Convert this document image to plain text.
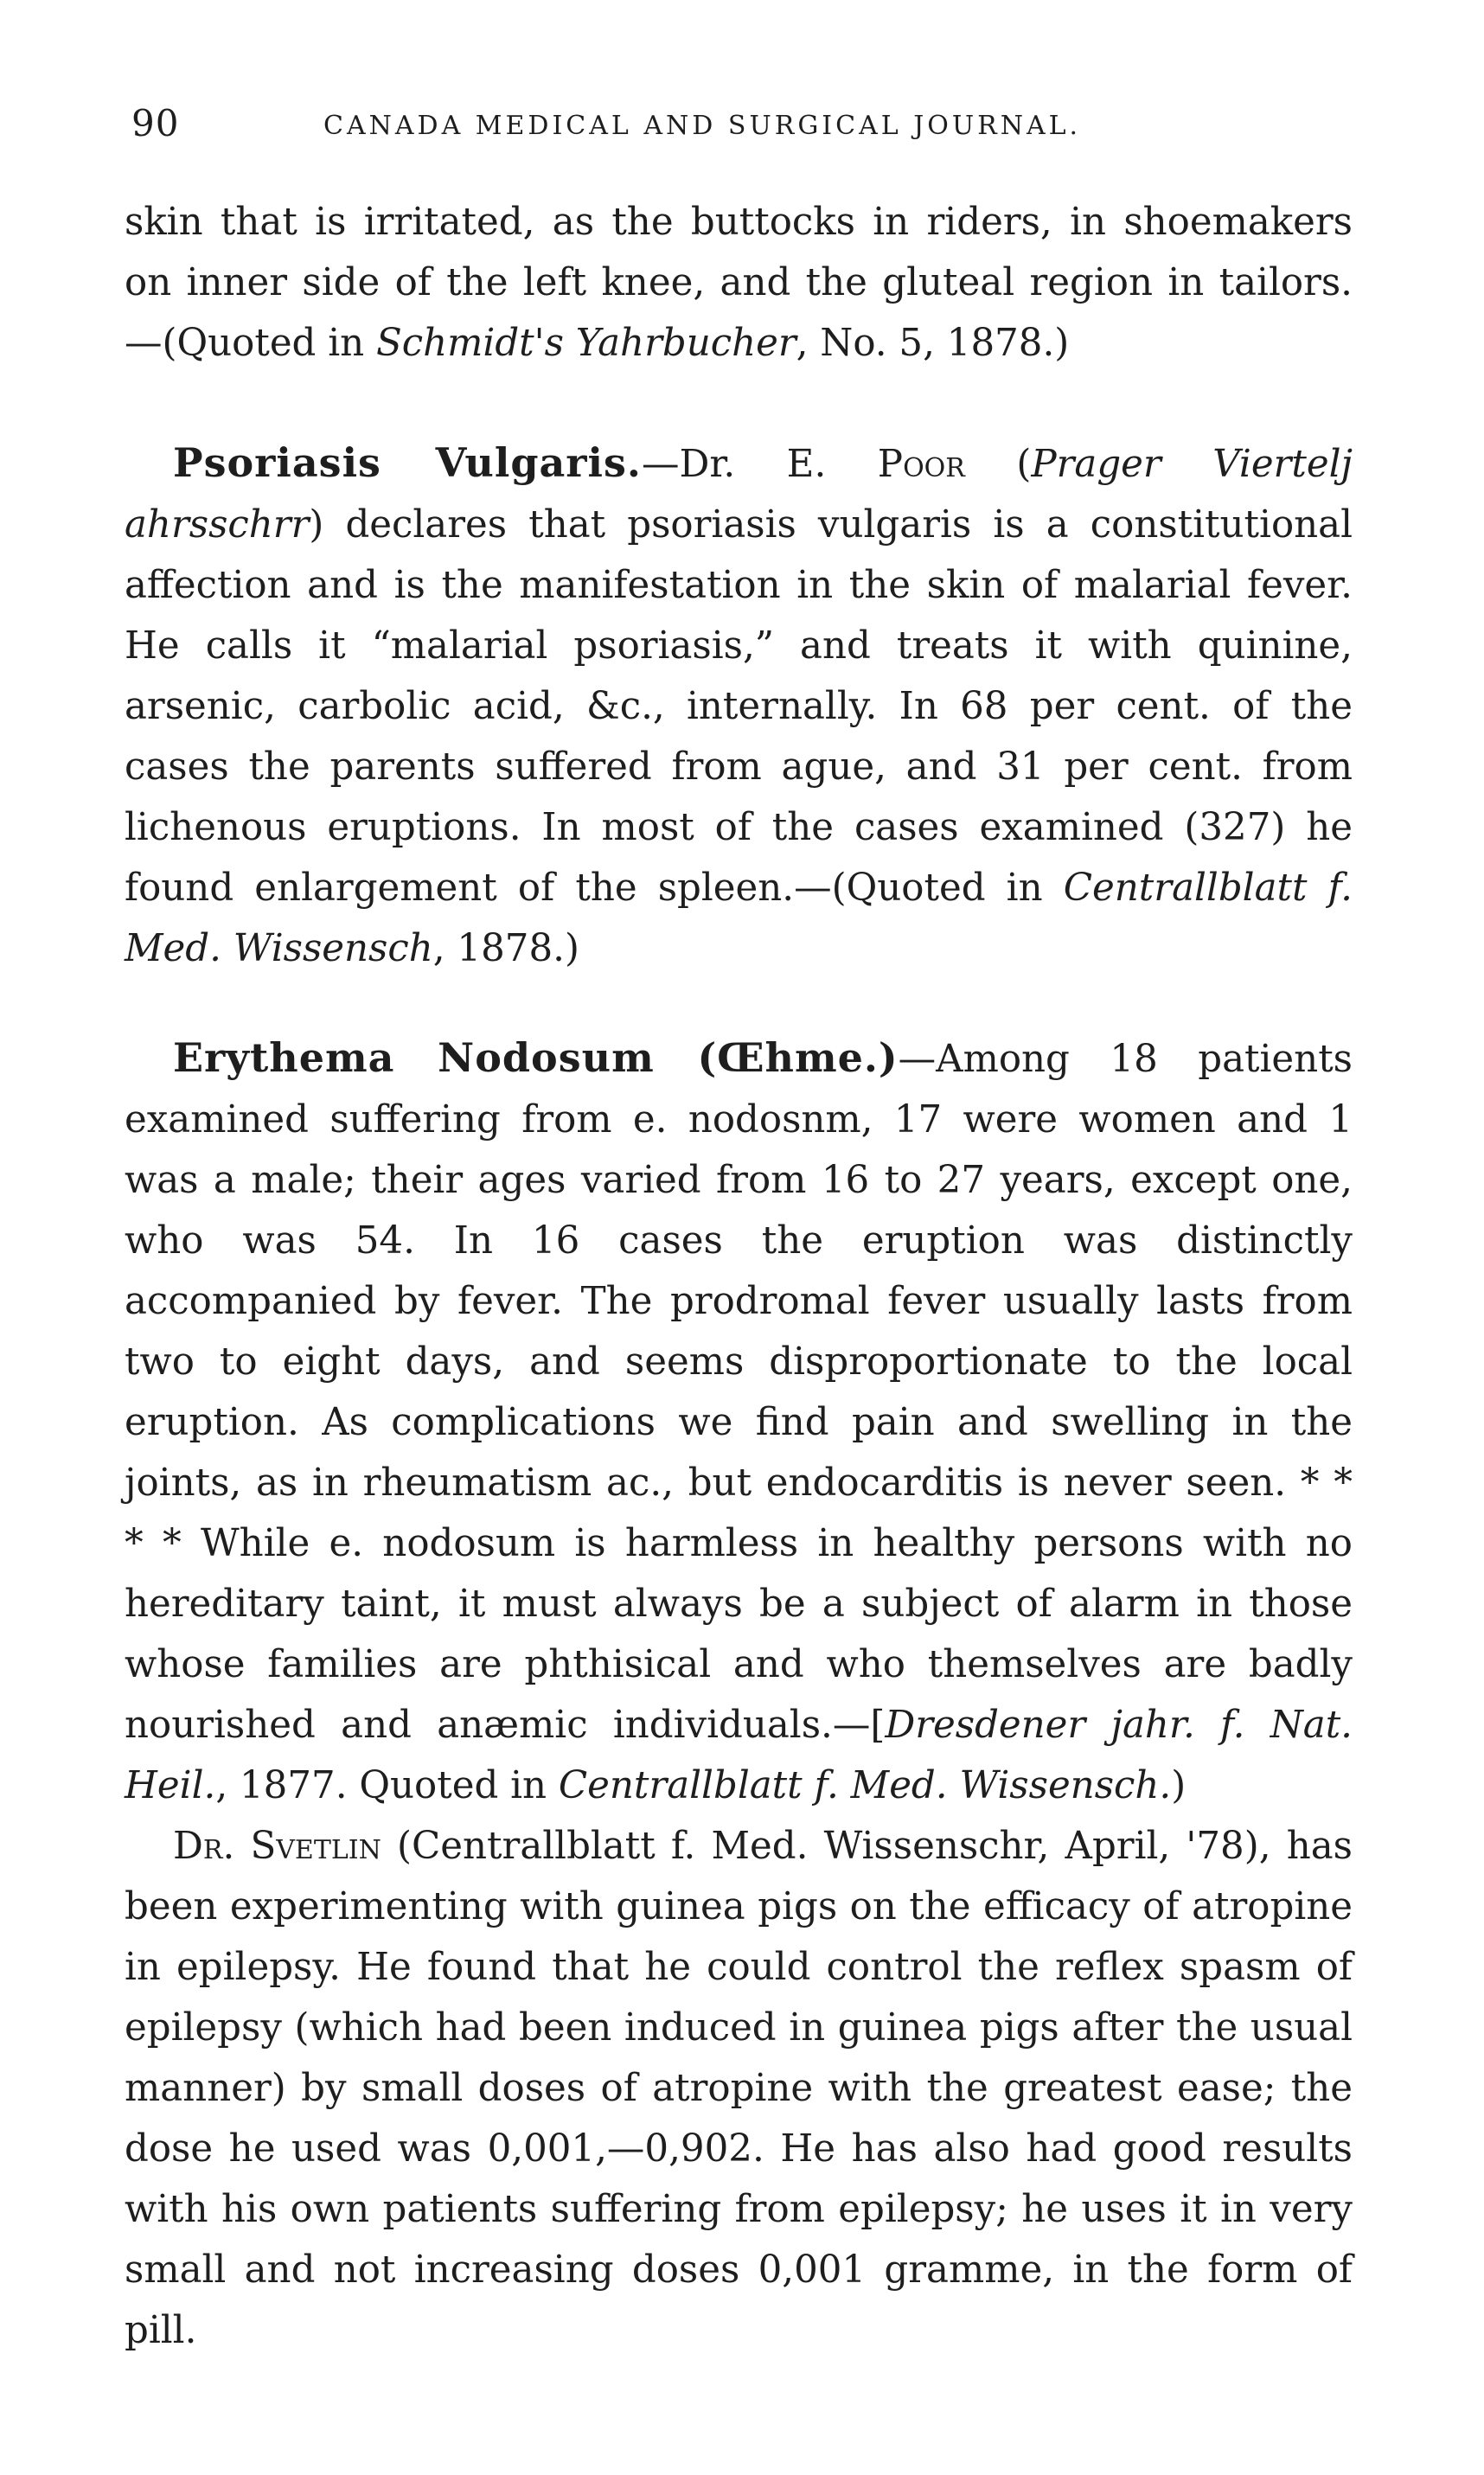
90	CANADA MEDICAL AND SURGICAL JOURNAL.

skin that is irritated, as the buttocks in riders, in shoemakers on inner side of the left knee, and the gluteal region in tailors.—(Quoted in Schmidt's Yahrbucher, No. 5, 1878.)

Psoriasis Vulgaris.—Dr. E. Poor (Prager Viertelj ahrsschrr) declares that psoriasis vulgaris is a constitutional affection and is the manifestation in the skin of malarial fever. He calls it “malarial psoriasis,” and treats it with quinine, arsenic, carbolic acid, &c., internally. In 68 per cent. of the cases the parents suffered from ague, and 31 per cent. from lichenous eruptions. In most of the cases examined (327) he found enlargement of the spleen.—(Quoted in Centrallblatt f. Med. Wissensch, 1878.)

Erythema Nodosum (Œhme.)—Among 18 patients examined suffering from e. nodosnm, 17 were women and 1 was a male; their ages varied from 16 to 27 years, except one, who was 54. In 16 cases the eruption was distinctly accompanied by fever. The prodromal fever usually lasts from two to eight days, and seems disproportionate to the local eruption. As complications we find pain and swelling in the joints, as in rheumatism ac., but endocarditis is never seen. * * * * While e. nodosum is harmless in healthy persons with no hereditary taint, it must always be a subject of alarm in those whose families are phthisical and who themselves are badly nourished and anæmic individuals.—[Dresdener jahr. f. Nat. Heil., 1877. Quoted in Centrallblatt f. Med. Wissensch.)

Dr. Svetlin (Centrallblatt f. Med. Wissenschr, April, '78), has been experimenting with guinea pigs on the efficacy of atropine in epilepsy. He found that he could control the reflex spasm of epilepsy (which had been induced in guinea pigs after the usual manner) by small doses of atropine with the greatest ease; the dose he used was 0,001,—0,902. He has also had good results with his own patients suffering from epilepsy; he uses it in very small and not increasing doses 0,001 gramme, in the form of pill.
